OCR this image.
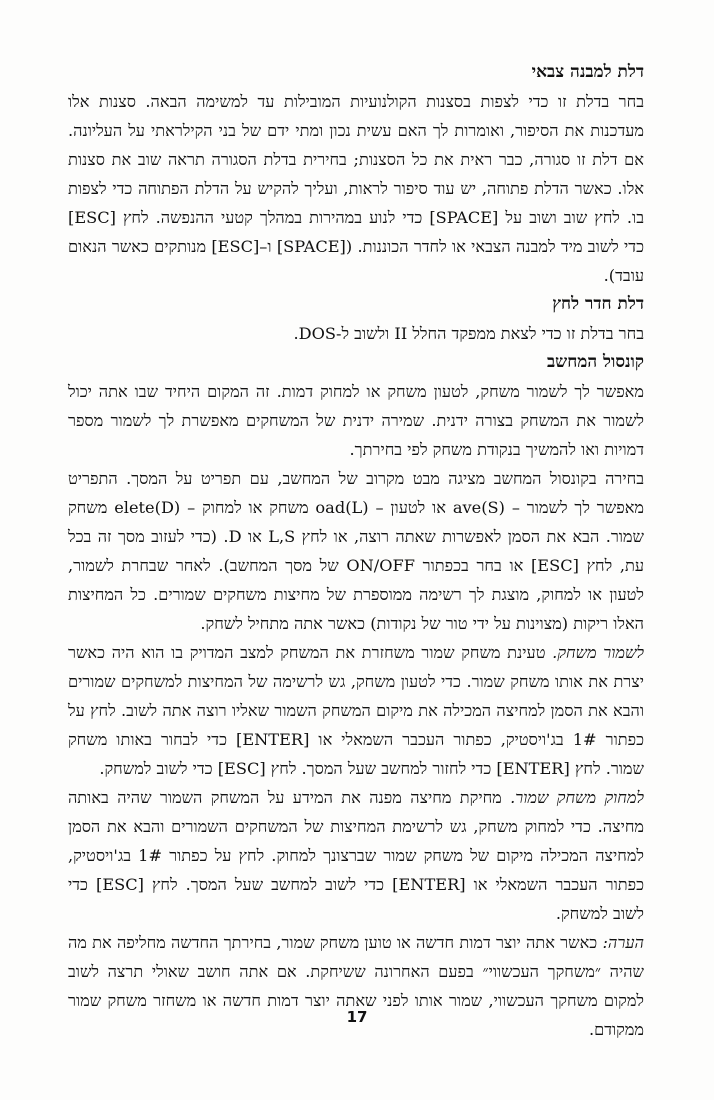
דלת למבנה צבאי

בחר בדלת זו כדי לצפות בסצנות הקולנועיות המובילות עד למשימה הבאה. סצנות אלו מעדכנות את הסיפור, ואומרות לך האם עשית נכון ומתי ידם של בני הקילראתי על העליונה. אם דלת זו סגורה, כבר ראית את כל הסצנות; בחירית בדלת הסגורה תראה שוב את סצנות אלו. כאשר הדלת פתוחה, יש עוד סיפור לראות, ועליך להקיש על הדלת הפתוחה כדי לצפות בו. לחץ שוב ושוב על [SPACE] כדי לנוע במהירות במהלך קטעי ההנפשה. לחץ [ESC] כדי לשוב מיד למבנה הצבאי או לחדר הכוננות. ([SPACE] ו–[ESC] מנותקים כאשר הנאום עובד).

דלת חדר לחץ

בחר בדלת זו כדי לצאת ממפקד החלל II ולשוב ל-DOS.

קונסול המחשב

מאפשר לך לשמור משחק, לטעון משחק או למחוק דמות. זה המקום היחיד שבו אתה יכול לשמור את המשחק בצורה ידנית. שמירה ידנית של המשחקים מאפשרת לך לשמור מספר דמויות ואו להמשיך בנקודת משחק לפי בחירתך.

בחירה בקונסול המחשב מציגה מבט מקרוב של המחשב, עם תפריט על המסך. התפריט מאפשר לך לשמור – (S)ave או לטעון – (L)oad משחק או למחוק – (D)elete משחק שמור. הבא את הסמן לאפשרות שאתה רוצה, או לחץ L,S או D. (כדי לעזוב מסך זה בכל עת, לחץ [ESC] או בחר בכפתור ON/OFF של מסך המחשב). לאחר שבחרת לשמור, לטעון או למחוק, מוצגת לך רשימה ממוספרת של מחיצות משחקים שמורים. כל המחיצות האלו ריקות (מצוינות על ידי טור של נקודות) כאשר אתה מתחיל לשחק.

לשמור משחק. טעינת משחק שמור משחזרת את המשחק למצב המדויק בו הוא היה כאשר יצרת את אותו משחק שמור. כדי לטעון משחק, גש לרשימה של המחיצות למשחקים שמורים והבא את הסמן למחיצה המכילה את מיקום המשחק השמור שאליו רוצה אתה לשוב. לחץ על כפתור 1# בג'ויסטיק, כפתור העכבר השמאלי או [ENTER] כדי לבחור באותו משחק שמור. לחץ [ENTER] כדי לחזור למחשב שעל המסך. לחץ [ESC] כדי לשוב למשחק.

למחוק משחק שמור. מחיקת מחיצה מפנה את המידע על המשחק השמור שהיה באותה מחיצה. כדי למחוק משחק, גש לרשימת המחיצות של המשחקים השמורים והבא את הסמן למחיצה המכילה מיקום של משחק שמור שברצונך למחוק. לחץ על כפתור 1# בג'ויסטיק, כפתור העכבר השמאלי או [ENTER] כדי לשוב למחשב שעל המסך. לחץ [ESC] כדי לשוב למשחק.

הערה: כאשר אתה יוצר דמות חדשה או טוען משחק שמור, בחירתך החדשה מחליפה את מה שהיה ״משחקך העכשווי״ בפעם האחרונה ששיחקת. אם אתה חושב שאולי תרצה לשוב למקום משחקך העכשווי, שמור אותו לפני שאתה יוצר דמות חדשה או משחזר משחק שמור ממקודם.

17
